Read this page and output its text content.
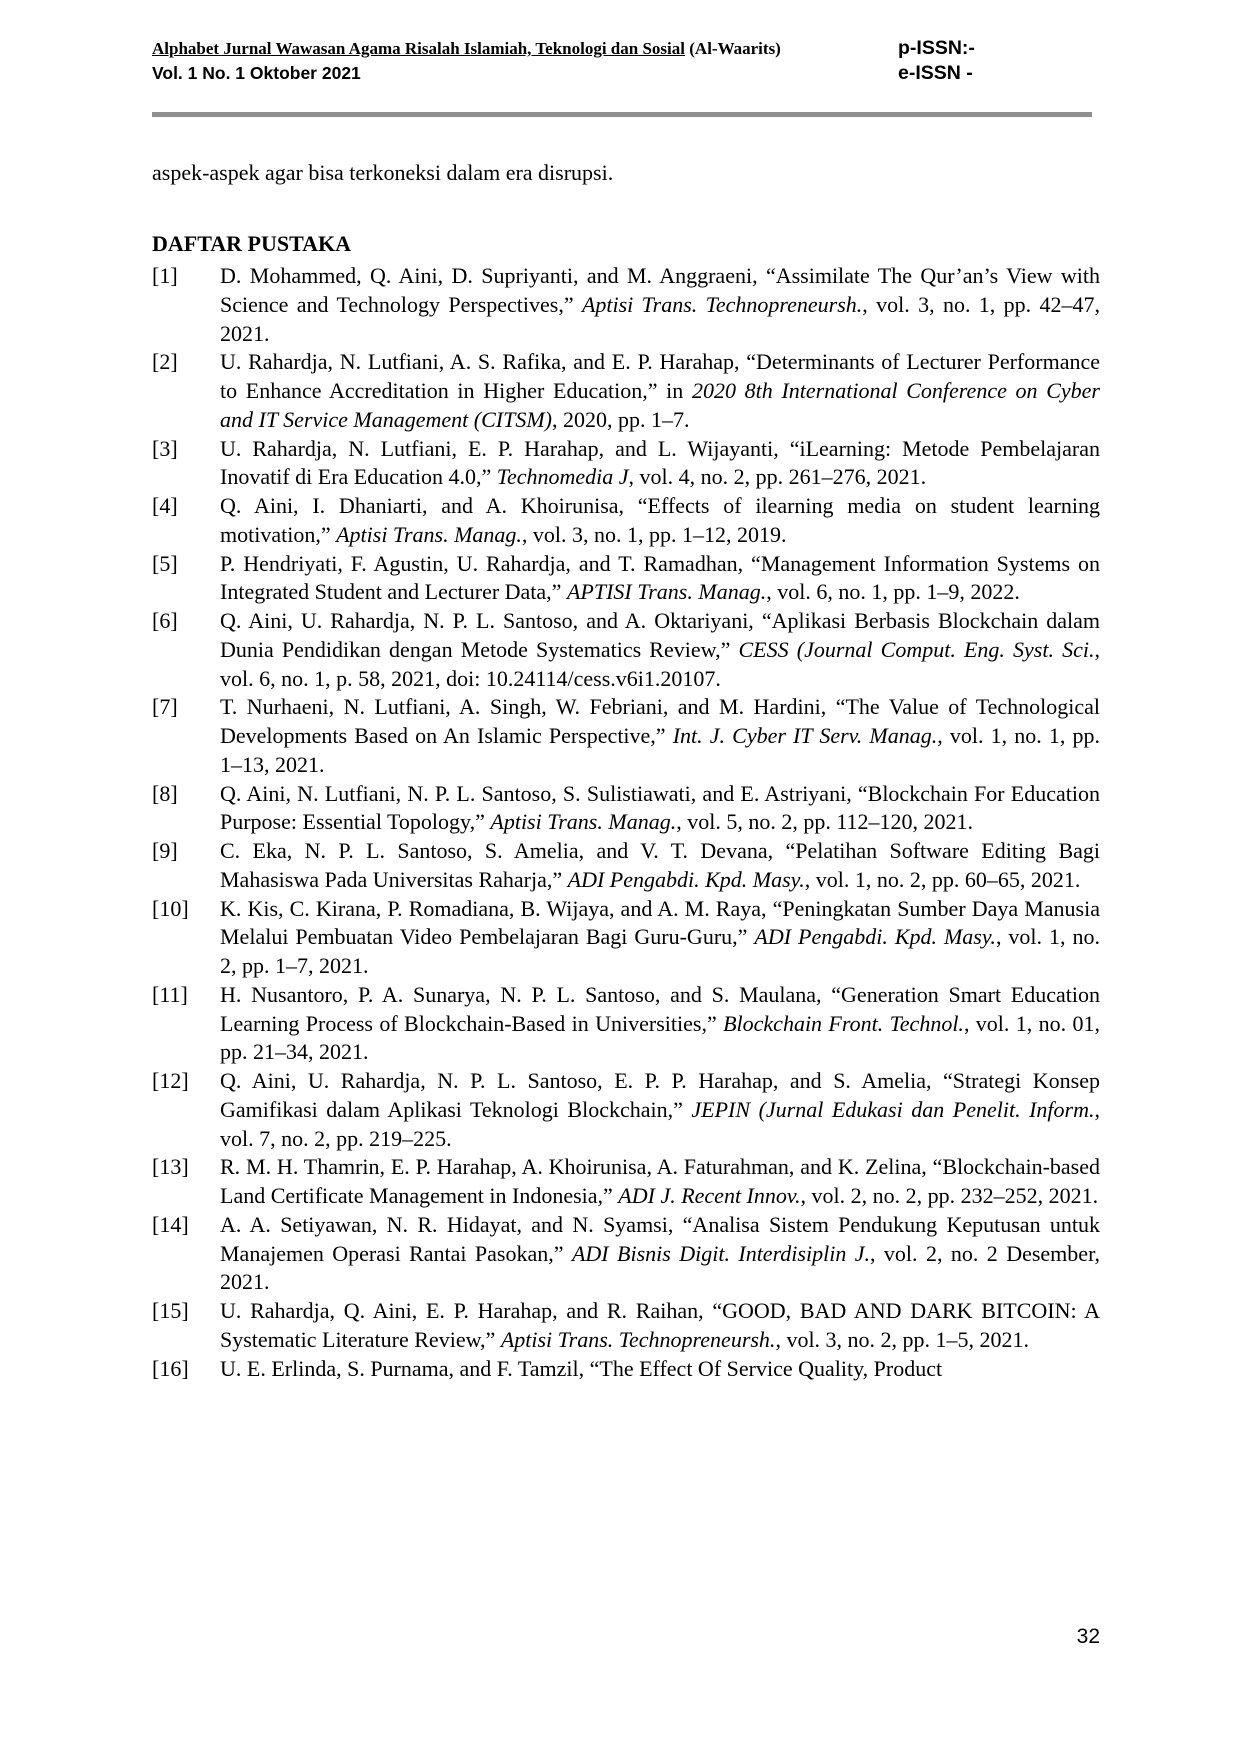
Alphabet Jurnal Wawasan Agama Risalah Islamiah, Teknologi dan Sosial (Al-Waarits)
Vol. 1 No. 1 Oktober 2021
p-ISSN:-
e-ISSN -

aspek-aspek agar bisa terkoneksi dalam era disrupsi.

DAFTAR PUSTAKA
[1]	D. Mohammed, Q. Aini, D. Supriyanti, and M. Anggraeni, “Assimilate The Qur’an’s View with Science and Technology Perspectives,” Aptisi Trans. Technopreneursh., vol. 3, no. 1, pp. 42–47, 2021.
[2]	U. Rahardja, N. Lutfiani, A. S. Rafika, and E. P. Harahap, “Determinants of Lecturer Performance to Enhance Accreditation in Higher Education,” in 2020 8th International Conference on Cyber and IT Service Management (CITSM), 2020, pp. 1–7.
[3]	U. Rahardja, N. Lutfiani, E. P. Harahap, and L. Wijayanti, “iLearning: Metode Pembelajaran Inovatif di Era Education 4.0,” Technomedia J, vol. 4, no. 2, pp. 261–276, 2021.
[4]	Q. Aini, I. Dhaniarti, and A. Khoirunisa, “Effects of ilearning media on student learning motivation,” Aptisi Trans. Manag., vol. 3, no. 1, pp. 1–12, 2019.
[5]	P. Hendriyati, F. Agustin, U. Rahardja, and T. Ramadhan, “Management Information Systems on Integrated Student and Lecturer Data,” APTISI Trans. Manag., vol. 6, no. 1, pp. 1–9, 2022.
[6]	Q. Aini, U. Rahardja, N. P. L. Santoso, and A. Oktariyani, “Aplikasi Berbasis Blockchain dalam Dunia Pendidikan dengan Metode Systematics Review,” CESS (Journal Comput. Eng. Syst. Sci., vol. 6, no. 1, p. 58, 2021, doi: 10.24114/cess.v6i1.20107.
[7]	T. Nurhaeni, N. Lutfiani, A. Singh, W. Febriani, and M. Hardini, “The Value of Technological Developments Based on An Islamic Perspective,” Int. J. Cyber IT Serv. Manag., vol. 1, no. 1, pp. 1–13, 2021.
[8]	Q. Aini, N. Lutfiani, N. P. L. Santoso, S. Sulistiawati, and E. Astriyani, “Blockchain For Education Purpose: Essential Topology,” Aptisi Trans. Manag., vol. 5, no. 2, pp. 112–120, 2021.
[9]	C. Eka, N. P. L. Santoso, S. Amelia, and V. T. Devana, “Pelatihan Software Editing Bagi Mahasiswa Pada Universitas Raharja,” ADI Pengabdi. Kpd. Masy., vol. 1, no. 2, pp. 60–65, 2021.
[10]	K. Kis, C. Kirana, P. Romadiana, B. Wijaya, and A. M. Raya, “Peningkatan Sumber Daya Manusia Melalui Pembuatan Video Pembelajaran Bagi Guru-Guru,” ADI Pengabdi. Kpd. Masy., vol. 1, no. 2, pp. 1–7, 2021.
[11]	H. Nusantoro, P. A. Sunarya, N. P. L. Santoso, and S. Maulana, “Generation Smart Education Learning Process of Blockchain-Based in Universities,” Blockchain Front. Technol., vol. 1, no. 01, pp. 21–34, 2021.
[12]	Q. Aini, U. Rahardja, N. P. L. Santoso, E. P. P. Harahap, and S. Amelia, “Strategi Konsep Gamifikasi dalam Aplikasi Teknologi Blockchain,” JEPIN (Jurnal Edukasi dan Penelit. Inform., vol. 7, no. 2, pp. 219–225.
[13]	R. M. H. Thamrin, E. P. Harahap, A. Khoirunisa, A. Faturahman, and K. Zelina, “Blockchain-based Land Certificate Management in Indonesia,” ADI J. Recent Innov., vol. 2, no. 2, pp. 232–252, 2021.
[14]	A. A. Setiyawan, N. R. Hidayat, and N. Syamsi, “Analisa Sistem Pendukung Keputusan untuk Manajemen Operasi Rantai Pasokan,” ADI Bisnis Digit. Interdisiplin J., vol. 2, no. 2 Desember, 2021.
[15]	U. Rahardja, Q. Aini, E. P. Harahap, and R. Raihan, “GOOD, BAD AND DARK BITCOIN: A Systematic Literature Review,” Aptisi Trans. Technopreneursh., vol. 3, no. 2, pp. 1–5, 2021.
[16]	U. E. Erlinda, S. Purnama, and F. Tamzil, “The Effect Of Service Quality, Product
32
